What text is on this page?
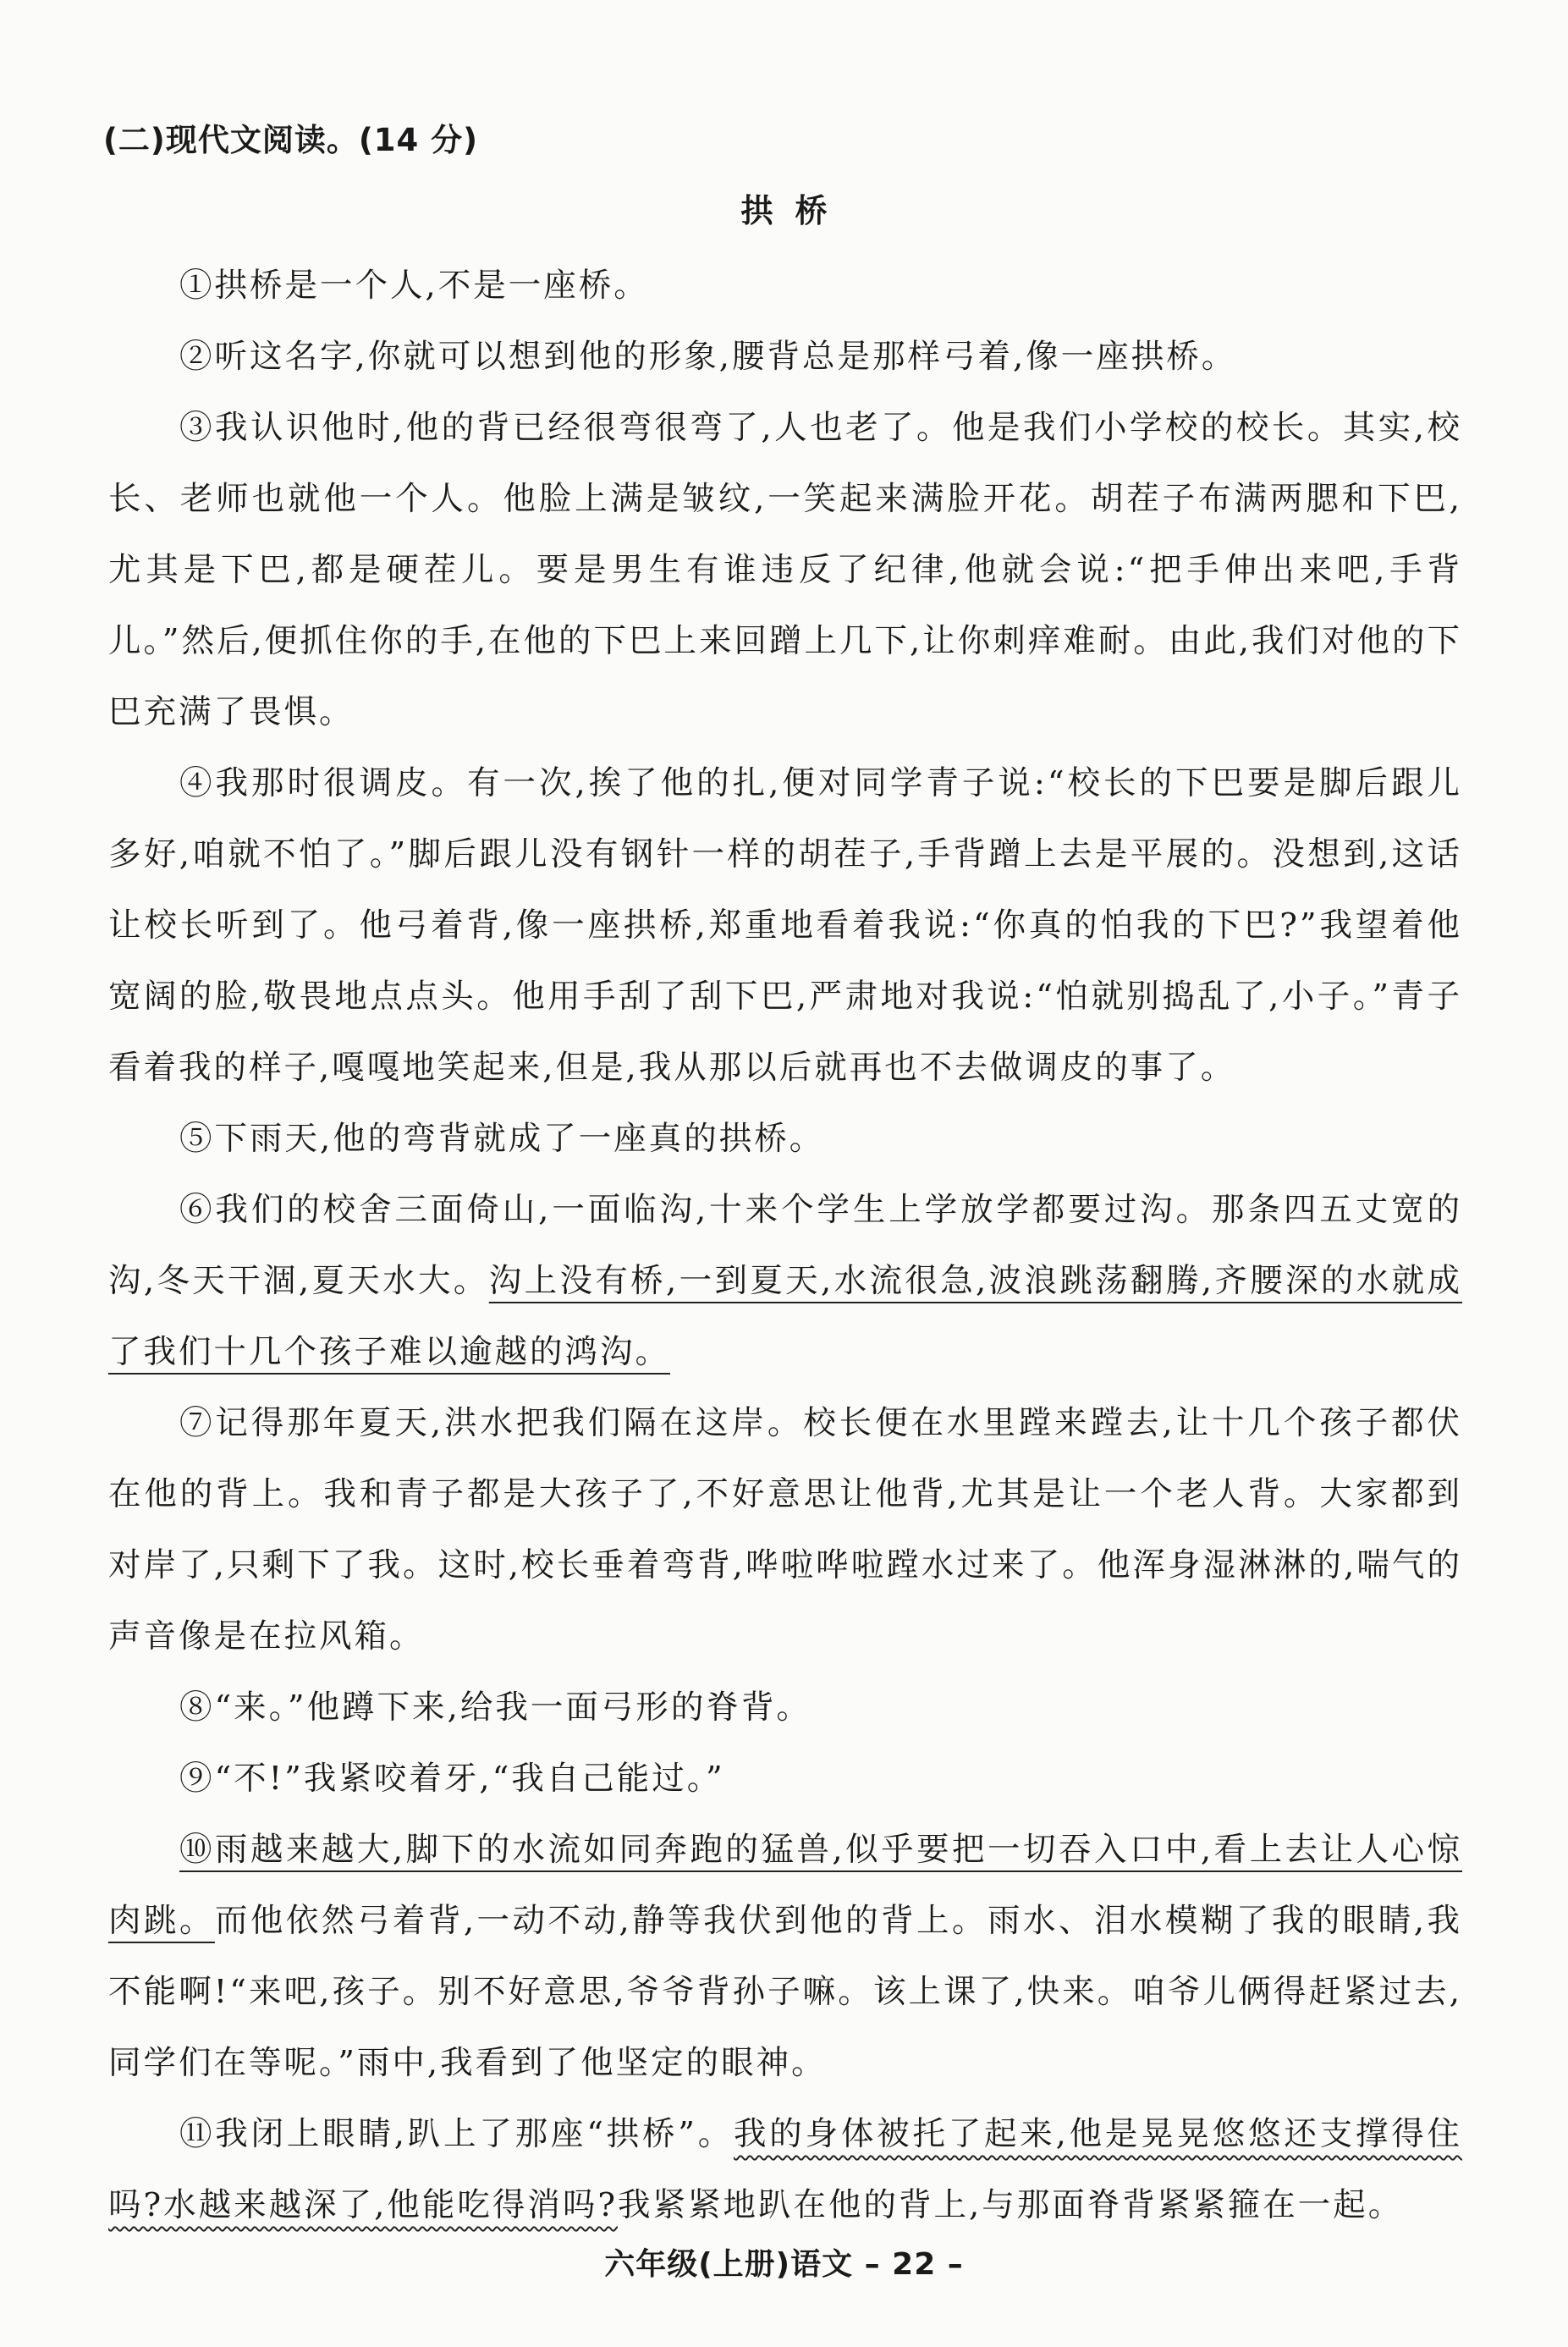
(二)现代文阅读。(14 分)
拱桥

①拱桥是一个人,不是一座桥。

②听这名字,你就可以想到他的形象,腰背总是那样弓着,像一座拱桥。

③我认识他时,他的背已经很弯很弯了,人也老了。他是我们小学校的校长。其实,校长、老师也就他一个人。他脸上满是皱纹,一笑起来满脸开花。胡茬子布满两腮和下巴,尤其是下巴,都是硬茬儿。要是男生有谁违反了纪律,他就会说:“把手伸出来吧,手背儿。”然后,便抓住你的手,在他的下巴上来回蹭上几下,让你刺痒难耐。由此,我们对他的下巴充满了畏惧。

④我那时很调皮。有一次,挨了他的扎,便对同学青子说:“校长的下巴要是脚后跟儿多好,咱就不怕了。”脚后跟儿没有钢针一样的胡茬子,手背蹭上去是平展的。没想到,这话让校长听到了。他弓着背,像一座拱桥,郑重地看着我说:“你真的怕我的下巴?”我望着他宽阔的脸,敬畏地点点头。他用手刮了刮下巴,严肃地对我说:“怕就别捣乱了,小子。”青子看着我的样子,嘎嘎地笑起来,但是,我从那以后就再也不去做调皮的事了。

⑤下雨天,他的弯背就成了一座真的拱桥。

⑥我们的校舍三面倚山,一面临沟,十来个学生上学放学都要过沟。那条四五丈宽的沟,冬天干涸,夏天水大。沟上没有桥,一到夏天,水流很急,波浪跳荡翻腾,齐腰深的水就成了我们十几个孩子难以逾越的鸿沟。

⑦记得那年夏天,洪水把我们隔在这岸。校长便在水里蹚来蹚去,让十几个孩子都伏在他的背上。我和青子都是大孩子了,不好意思让他背,尤其是让一个老人背。大家都到对岸了,只剩下了我。这时,校长垂着弯背,哗啦哗啦蹚水过来了。他浑身湿淋淋的,喘气的声音像是在拉风箱。

⑧“来。”他蹲下来,给我一面弓形的脊背。

⑨“不!”我紧咬着牙,“我自己能过。”

⑩雨越来越大,脚下的水流如同奔跑的猛兽,似乎要把一切吞入口中,看上去让人心惊肉跳。而他依然弓着背,一动不动,静等我伏到他的背上。雨水、泪水模糊了我的眼睛,我不能啊!“来吧,孩子。别不好意思,爷爷背孙子嘛。该上课了,快来。咱爷儿俩得赶紧过去,同学们在等呢。”雨中,我看到了他坚定的眼神。

⑪我闭上眼睛,趴上了那座“拱桥”。我的身体被托了起来,他是晃晃悠悠还支撑得住吗?水越来越深了,他能吃得消吗?我紧紧地趴在他的背上,与那面脊背紧紧箍在一起。

六年级(上册)语文 – 22 –
